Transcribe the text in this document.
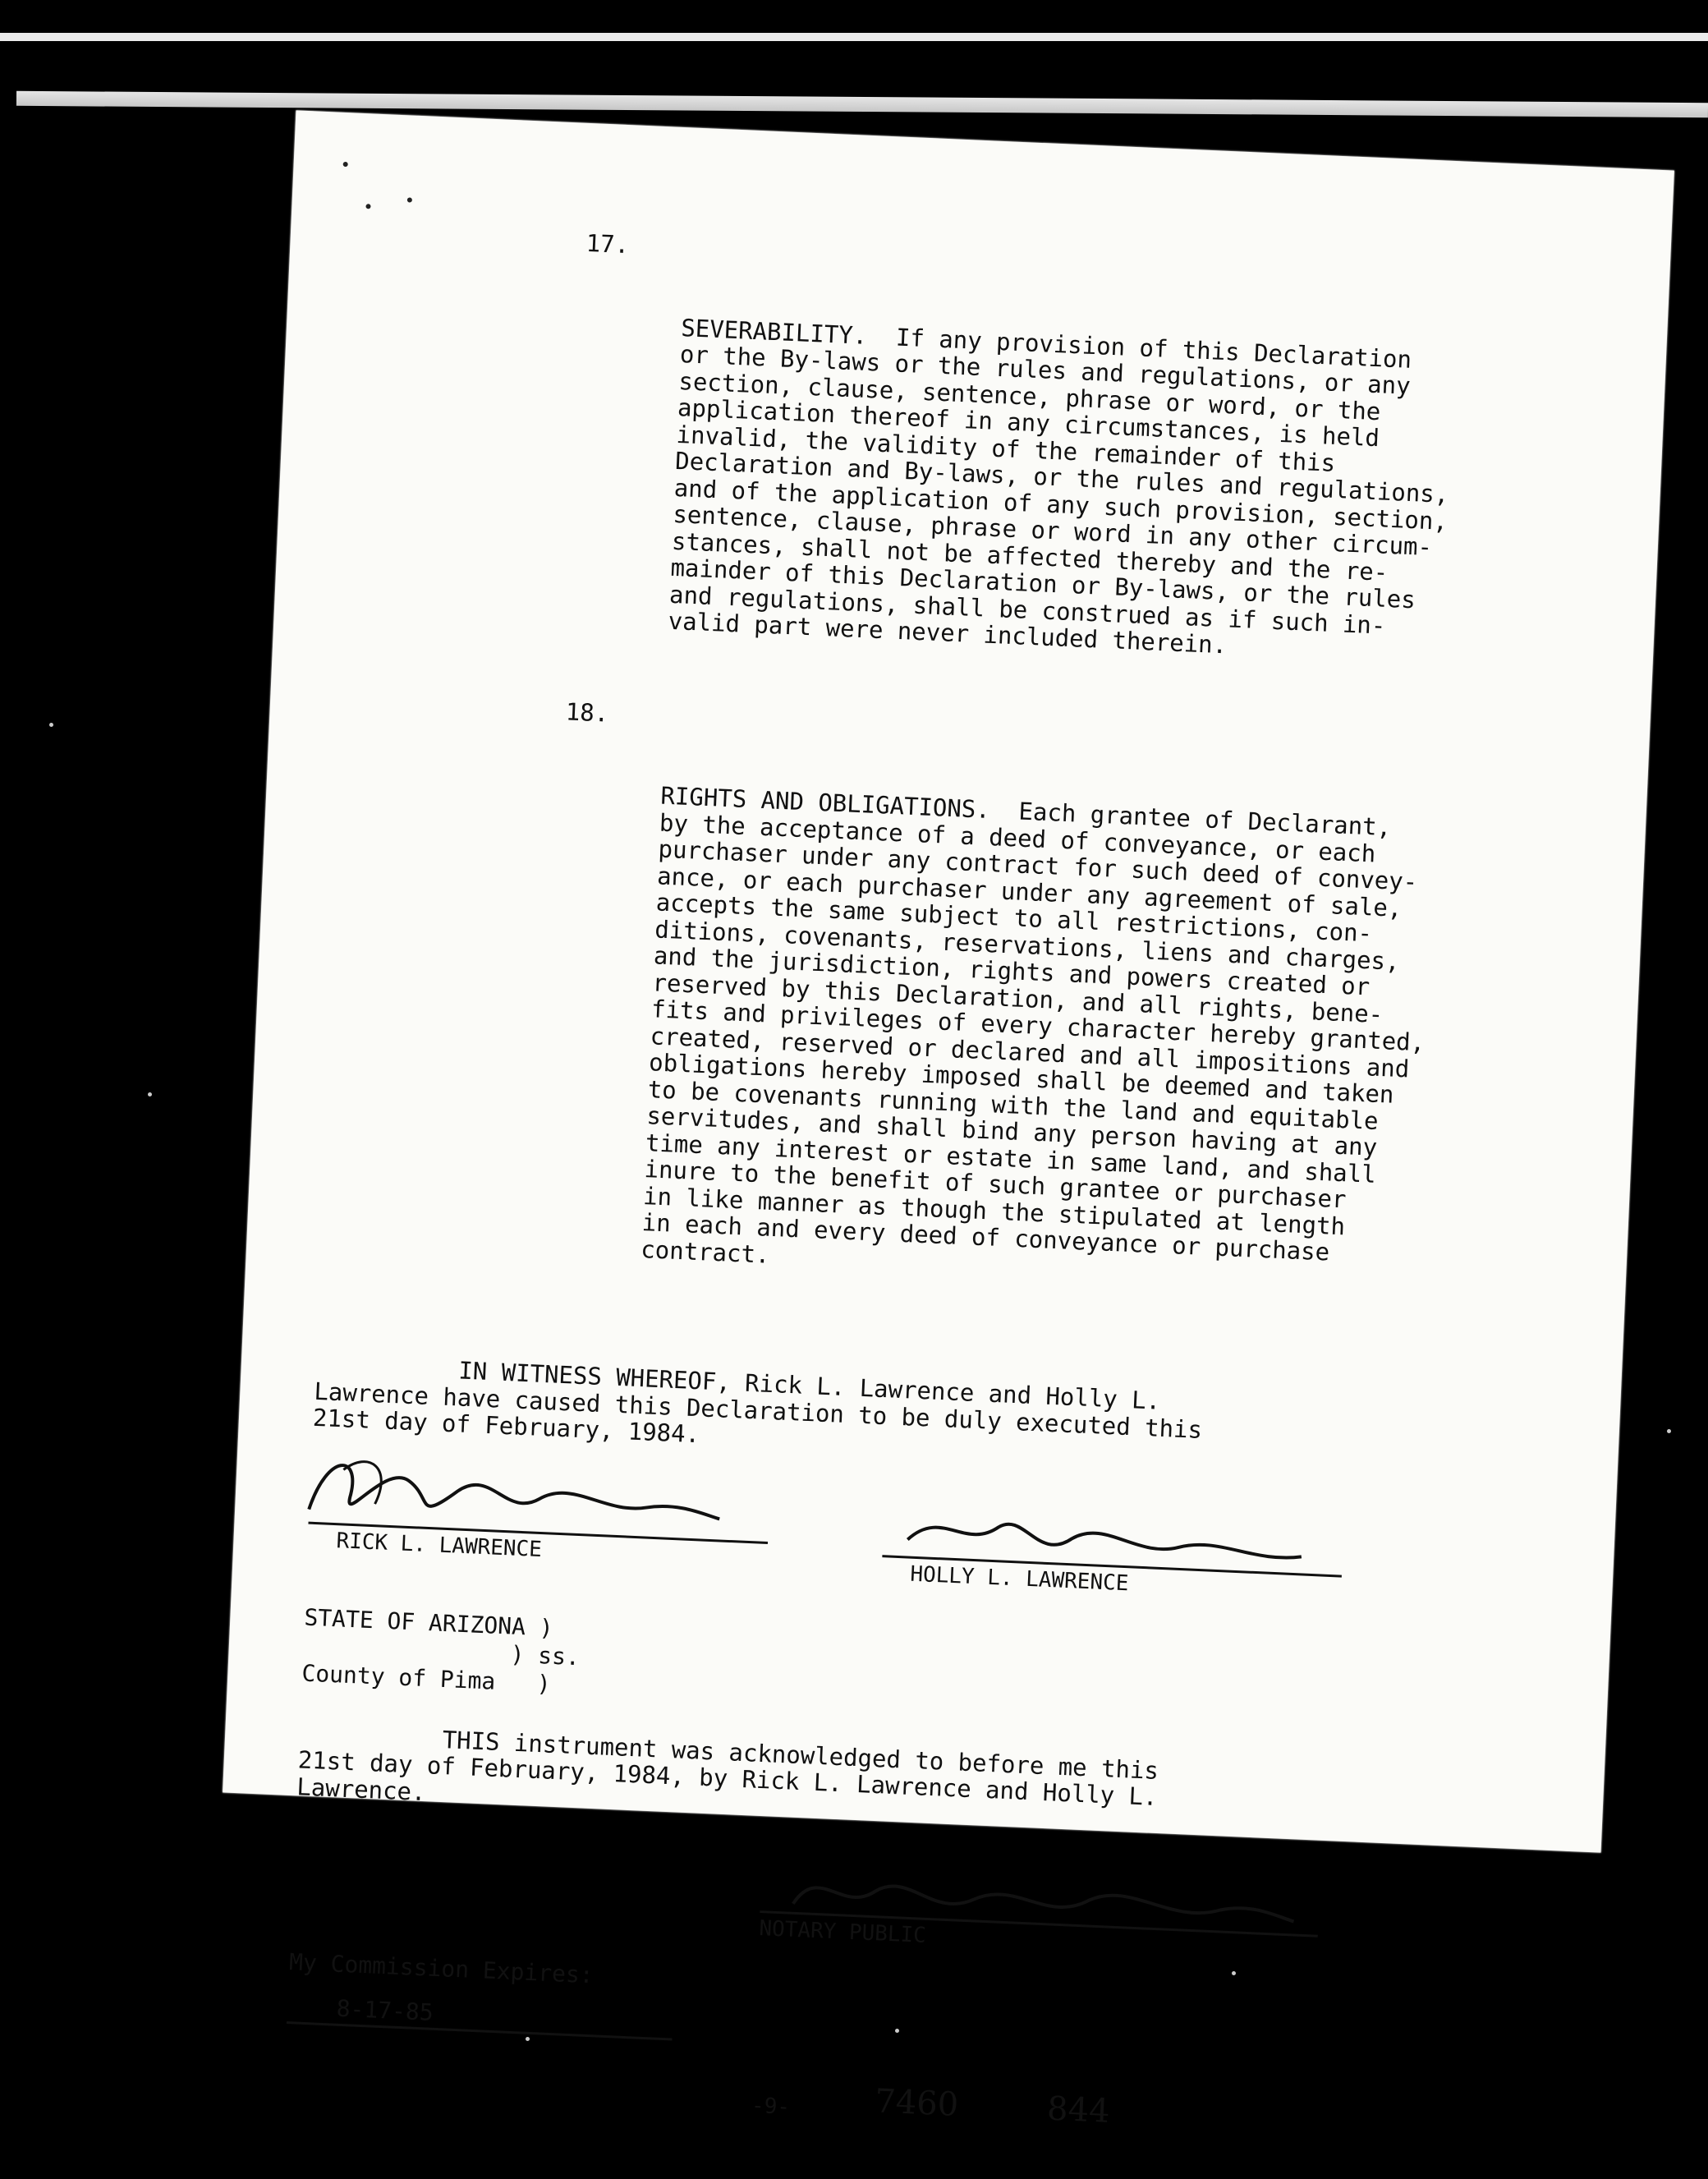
17.

SEVERABILITY.  If any provision of this Declaration
or the By-laws or the rules and regulations, or any
section, clause, sentence, phrase or word, or the
application thereof in any circumstances, is held
invalid, the validity of the remainder of this
Declaration and By-laws, or the rules and regulations,
and of the application of any such provision, section,
sentence, clause, phrase or word in any other circum-
stances, shall not be affected thereby and the re-
mainder of this Declaration or By-laws, or the rules
and regulations, shall be construed as if such in-
valid part were never included therein.

18.

RIGHTS AND OBLIGATIONS.  Each grantee of Declarant,
by the acceptance of a deed of conveyance, or each
purchaser under any contract for such deed of convey-
ance, or each purchaser under any agreement of sale,
accepts the same subject to all restrictions, con-
ditions, covenants, reservations, liens and charges,
and the jurisdiction, rights and powers created or
reserved by this Declaration, and all rights, bene-
fits and privileges of every character hereby granted,
created, reserved or declared and all impositions and
obligations hereby imposed shall be deemed and taken
to be covenants running with the land and equitable
servitudes, and shall bind any person having at any
time any interest or estate in same land, and shall
inure to the benefit of such grantee or purchaser
in like manner as though the stipulated at length
in each and every deed of conveyance or purchase
contract.

IN WITNESS WHEREOF, Rick L. Lawrence and Holly L.
Lawrence have caused this Declaration to be duly executed this
21st day of February, 1984.
RICK L. LAWRENCE
HOLLY L. LAWRENCE
STATE OF ARIZONA )
) ss.
County of Pima   )
THIS instrument was acknowledged to before me this
21st day of February, 1984, by Rick L. Lawrence and Holly L.
Lawrence.
NOTARY PUBLIC
My Commission Expires:
8-17-85
-9-	7460	844
